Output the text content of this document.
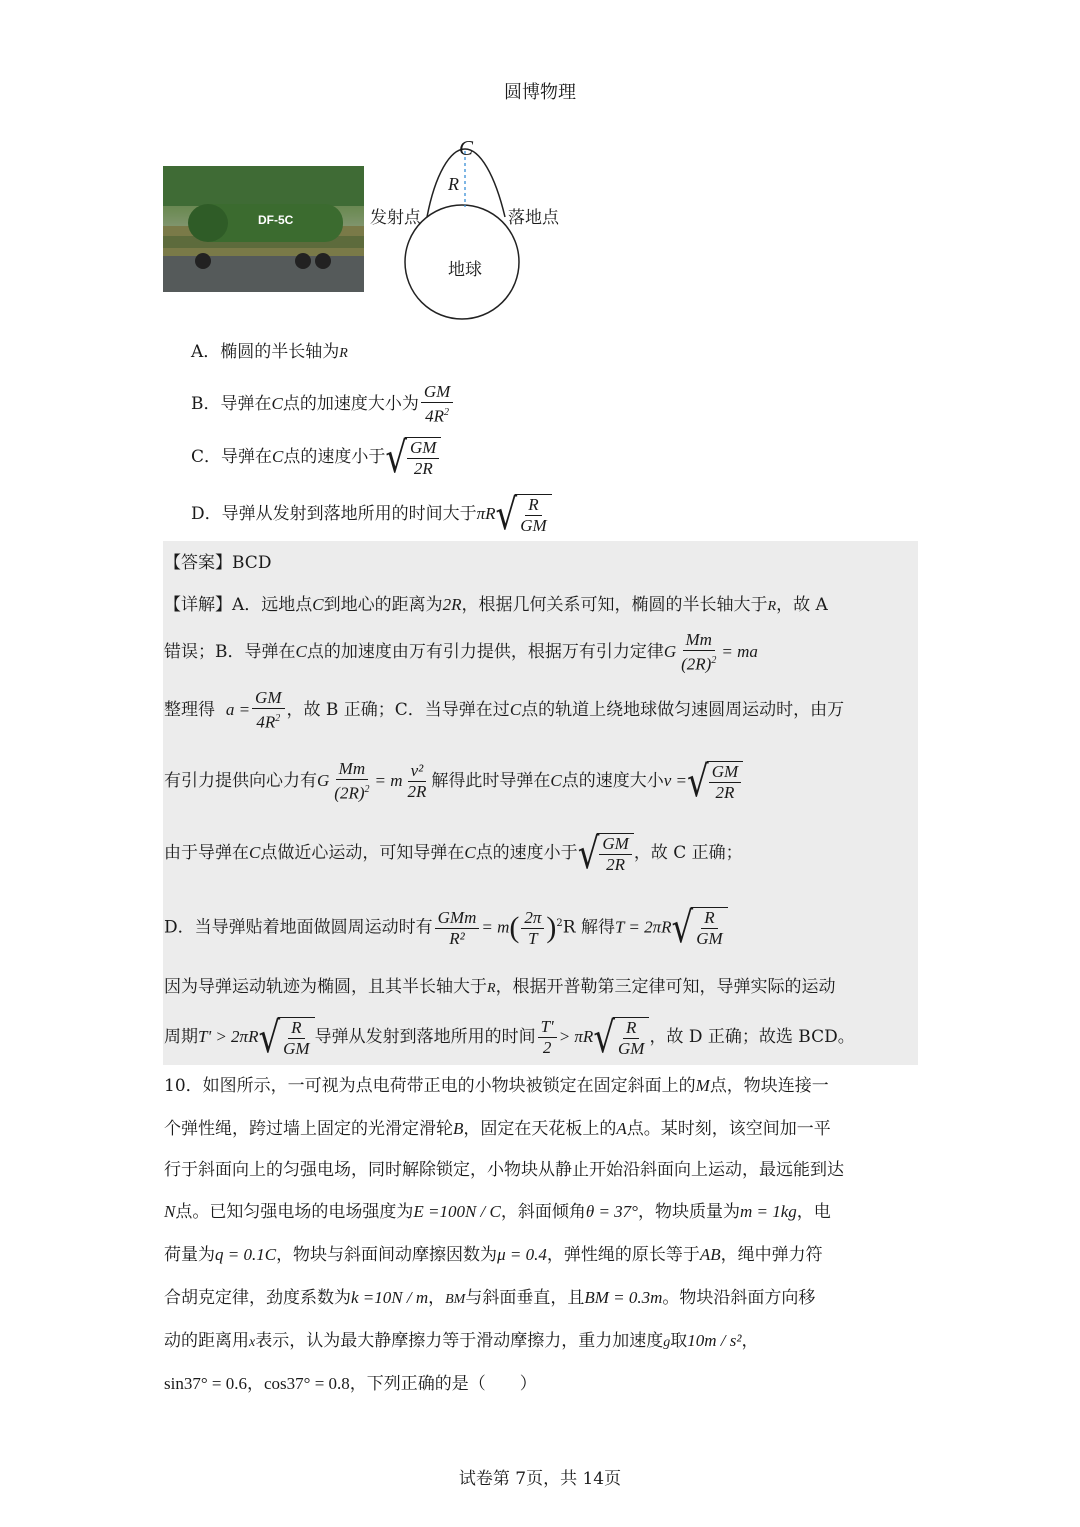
圆博物理
DF-5C
C
R
发射点	落地点
地球
A．椭圆的半长轴为R
B．导弹在C点的加速度大小为 $\frac{GM}{4R^2}$
C．导弹在C点的速度小于 √ $\frac{GM}{2R}$
D．导弹从发射到落地所用的时间大于πR √ $\frac{R}{GM}$
【答案】BCD
【详解】A．远地点C到地心的距离为2R，根据几何关系可知，椭圆的半长轴大于R，故 A
错误；B．导弹在C点的加速度由万有引力提供，根据万有引力定律G $\frac{Mm}{(2R)^2}$ = ma
整理得 $a = \frac{GM}{4R^2}$ ，故 B 正确；C．当导弹在过C点的轨道上绕地球做匀速圆周运动时，由万
有引力提供向心力有G $\frac{Mm}{(2R)^2} = m \frac{\text{v²}}{2R}$ 解得此时导弹在C点的速度大小v = √ $\frac{GM}{2R}$
由于导弹在C点做近心运动，可知导弹在C点的速度小于 √ $\frac{GM}{2R}$ ，故 C 正确；
D．当导弹贴着地面做圆周运动时有 $\frac{\text{GMm}}{\text{R²}} = m( \frac{2\pi}{T} )^2R$ 解得T = 2πR √ $\frac{R}{GM}$
因为导弹运动轨迹为椭圆，且其半长轴大于R，根据开普勒第三定律可知，导弹实际的运动
周期T' > 2πR √ $\frac{R}{GM}$ 导弹从发射到落地所用的时间 $\frac{T'}{2} > \pi R$ √ $\frac{R}{GM}$ ，故 D 正确；故选 BCD。
10．如图所示，一可视为点电荷带正电的小物块被锁定在固定斜面上的M点，物块连接一
个弹性绳，跨过墙上固定的光滑定滑轮B，固定在天花板上的A点。某时刻，该空间加一平
行于斜面向上的匀强电场，同时解除锁定，小物块从静止开始沿斜面向上运动，最远能到达
N点。已知匀强电场的电场强度为E =100N / C，斜面倾角θ = 37°，物块质量为m = 1kg，电
荷量为q = 0.1C，物块与斜面间动摩擦因数为μ = 0.4，弹性绳的原长等于AB，绳中弹力符
合胡克定律，劲度系数为k =10N / m，BM与斜面垂直，且BM = 0.3m。物块沿斜面方向移
动的距离用x表示，认为最大静摩擦力等于滑动摩擦力，重力加速度g取10m / s²，
sin37° = 0.6，cos37° = 0.8，下列正确的是（　　）
试卷第 7页，共 14页
